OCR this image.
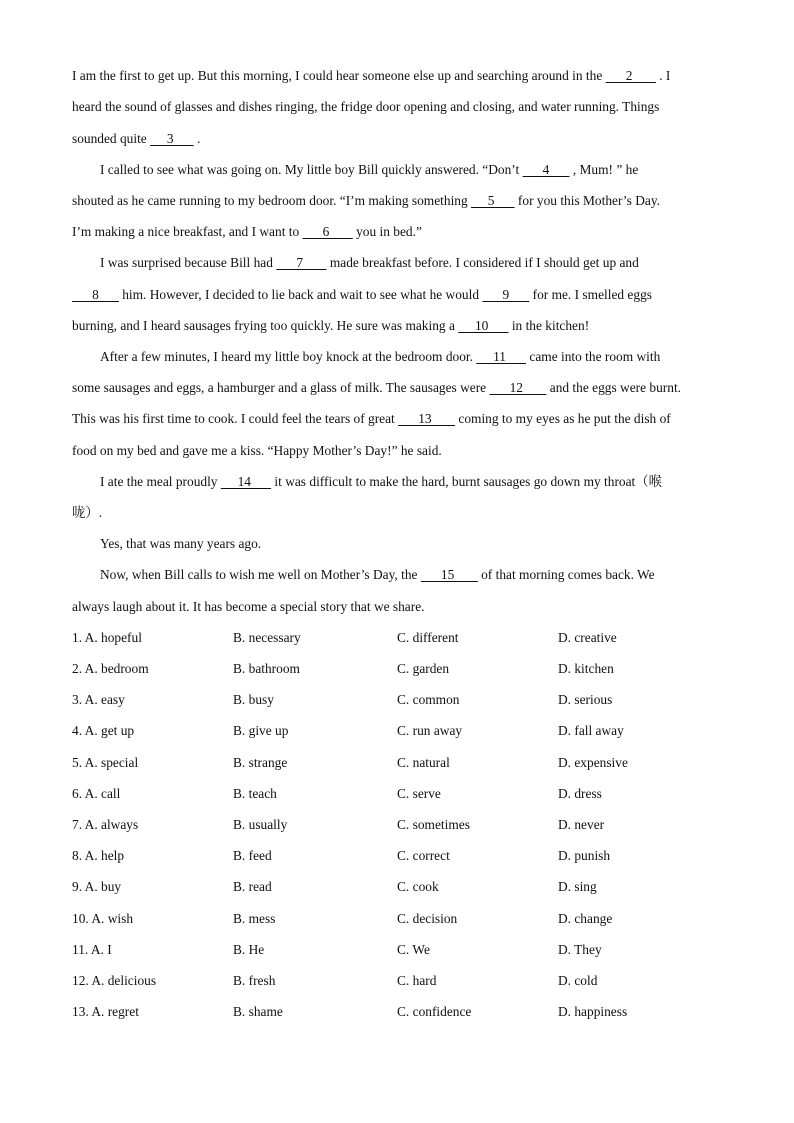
I am the first to get up. But this morning, I could hear someone else up and searching around in the       2        . I
heard the sound of glasses and dishes ringing, the fridge door opening and closing, and water running. Things
sounded quite      3       .
I called to see what was going on. My little boy Bill quickly answered. “Don’t       4       , Mum! ” he
shouted as he came running to my bedroom door. “I’m making something      5       for you this Mother’s Day.
I’m making a nice breakfast, and I want to       6        you in bed.”
I was surprised because Bill had       7        made breakfast before. I considered if I should get up and
8       him. However, I decided to lie back and wait to see what he would       9       for me. I smelled eggs
burning, and I heard sausages frying too quickly. He sure was making a      10       in the kitchen!
After a few minutes, I heard my little boy knock at the bedroom door.      11       came into the room with
some sausages and eggs, a hamburger and a glass of milk. The sausages were       12        and the eggs were burnt.
This was his first time to cook. I could feel the tears of great       13        coming to my eyes as he put the dish of
food on my bed and gave me a kiss. “Happy Mother’s Day!” he said.
I ate the meal proudly      14       it was difficult to make the hard, burnt sausages go down my throat（喉
咙）.
Yes, that was many years ago.
Now, when Bill calls to wish me well on Mother’s Day, the       15        of that morning comes back. We
always laugh about it. It has become a special story that we share.
1. A. hopeful	B. necessary	C. different	D. creative
2. A. bedroom	B. bathroom	C. garden	D. kitchen
3. A. easy	B. busy	C. common	D. serious
4. A. get up	B. give up	C. run away	D. fall away
5. A. special	B. strange	C. natural	D. expensive
6. A. call	B. teach	C. serve	D. dress
7. A. always	B. usually	C. sometimes	D. never
8. A. help	B. feed	C. correct	D. punish
9. A. buy	B. read	C. cook	D. sing
10. A. wish	B. mess	C. decision	D. change
11. A. I	B. He	C. We	D. They
12. A. delicious	B. fresh	C. hard	D. cold
13. A. regret	B. shame	C. confidence	D. happiness
